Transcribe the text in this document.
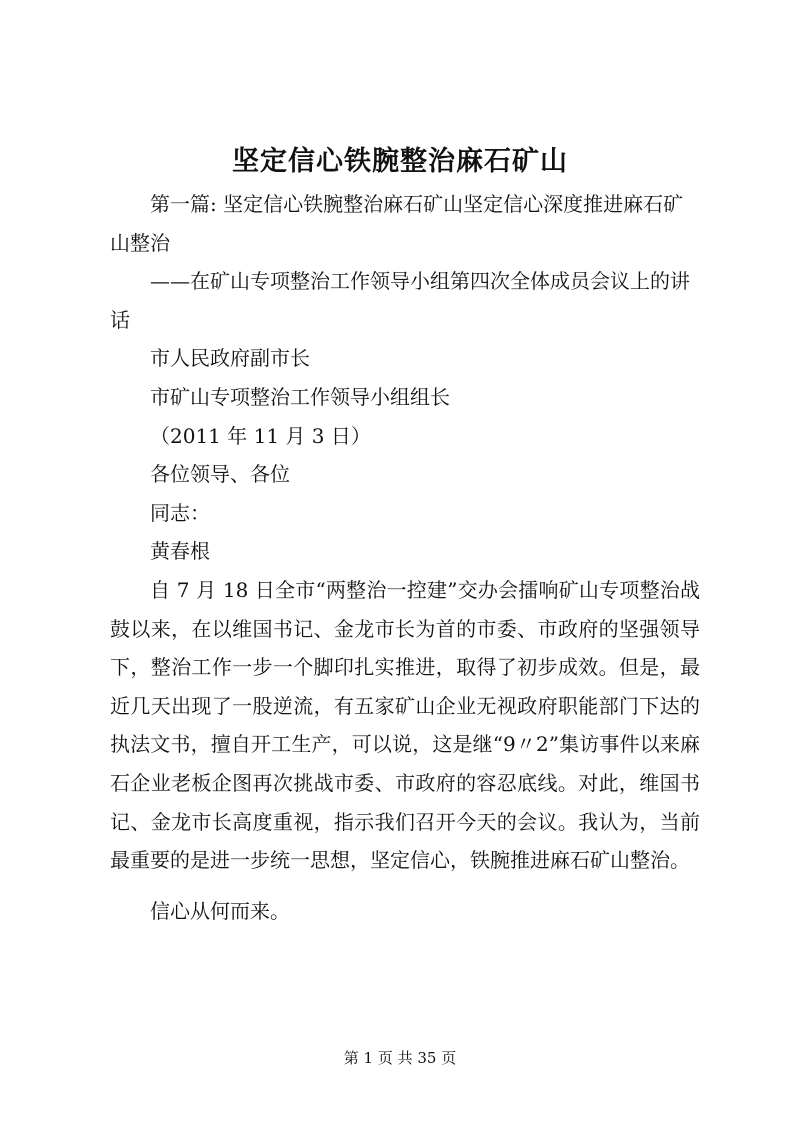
坚定信心铁腕整治麻石矿山

第一篇: 坚定信心铁腕整治麻石矿山坚定信心深度推进麻石矿山整治

——在矿山专项整治工作领导小组第四次全体成员会议上的讲话

市人民政府副市长

市矿山专项整治工作领导小组组长

（2011 年 11 月 3 日）

各位领导、各位

同志：

黄春根

自 7 月 18 日全市“两整治一控建”交办会擂响矿山专项整治战鼓以来，在以维国书记、金龙市长为首的市委、市政府的坚强领导下，整治工作一步一个脚印扎实推进，取得了初步成效。但是，最近几天出现了一股逆流，有五家矿山企业无视政府职能部门下达的执法文书，擅自开工生产，可以说，这是继“9〃2”集访事件以来麻石企业老板企图再次挑战市委、市政府的容忍底线。对此，维国书记、金龙市长高度重视，指示我们召开今天的会议。我认为，当前最重要的是进一步统一思想，坚定信心，铁腕推进麻石矿山整治。

信心从何而来。

第 1 页 共 35 页
